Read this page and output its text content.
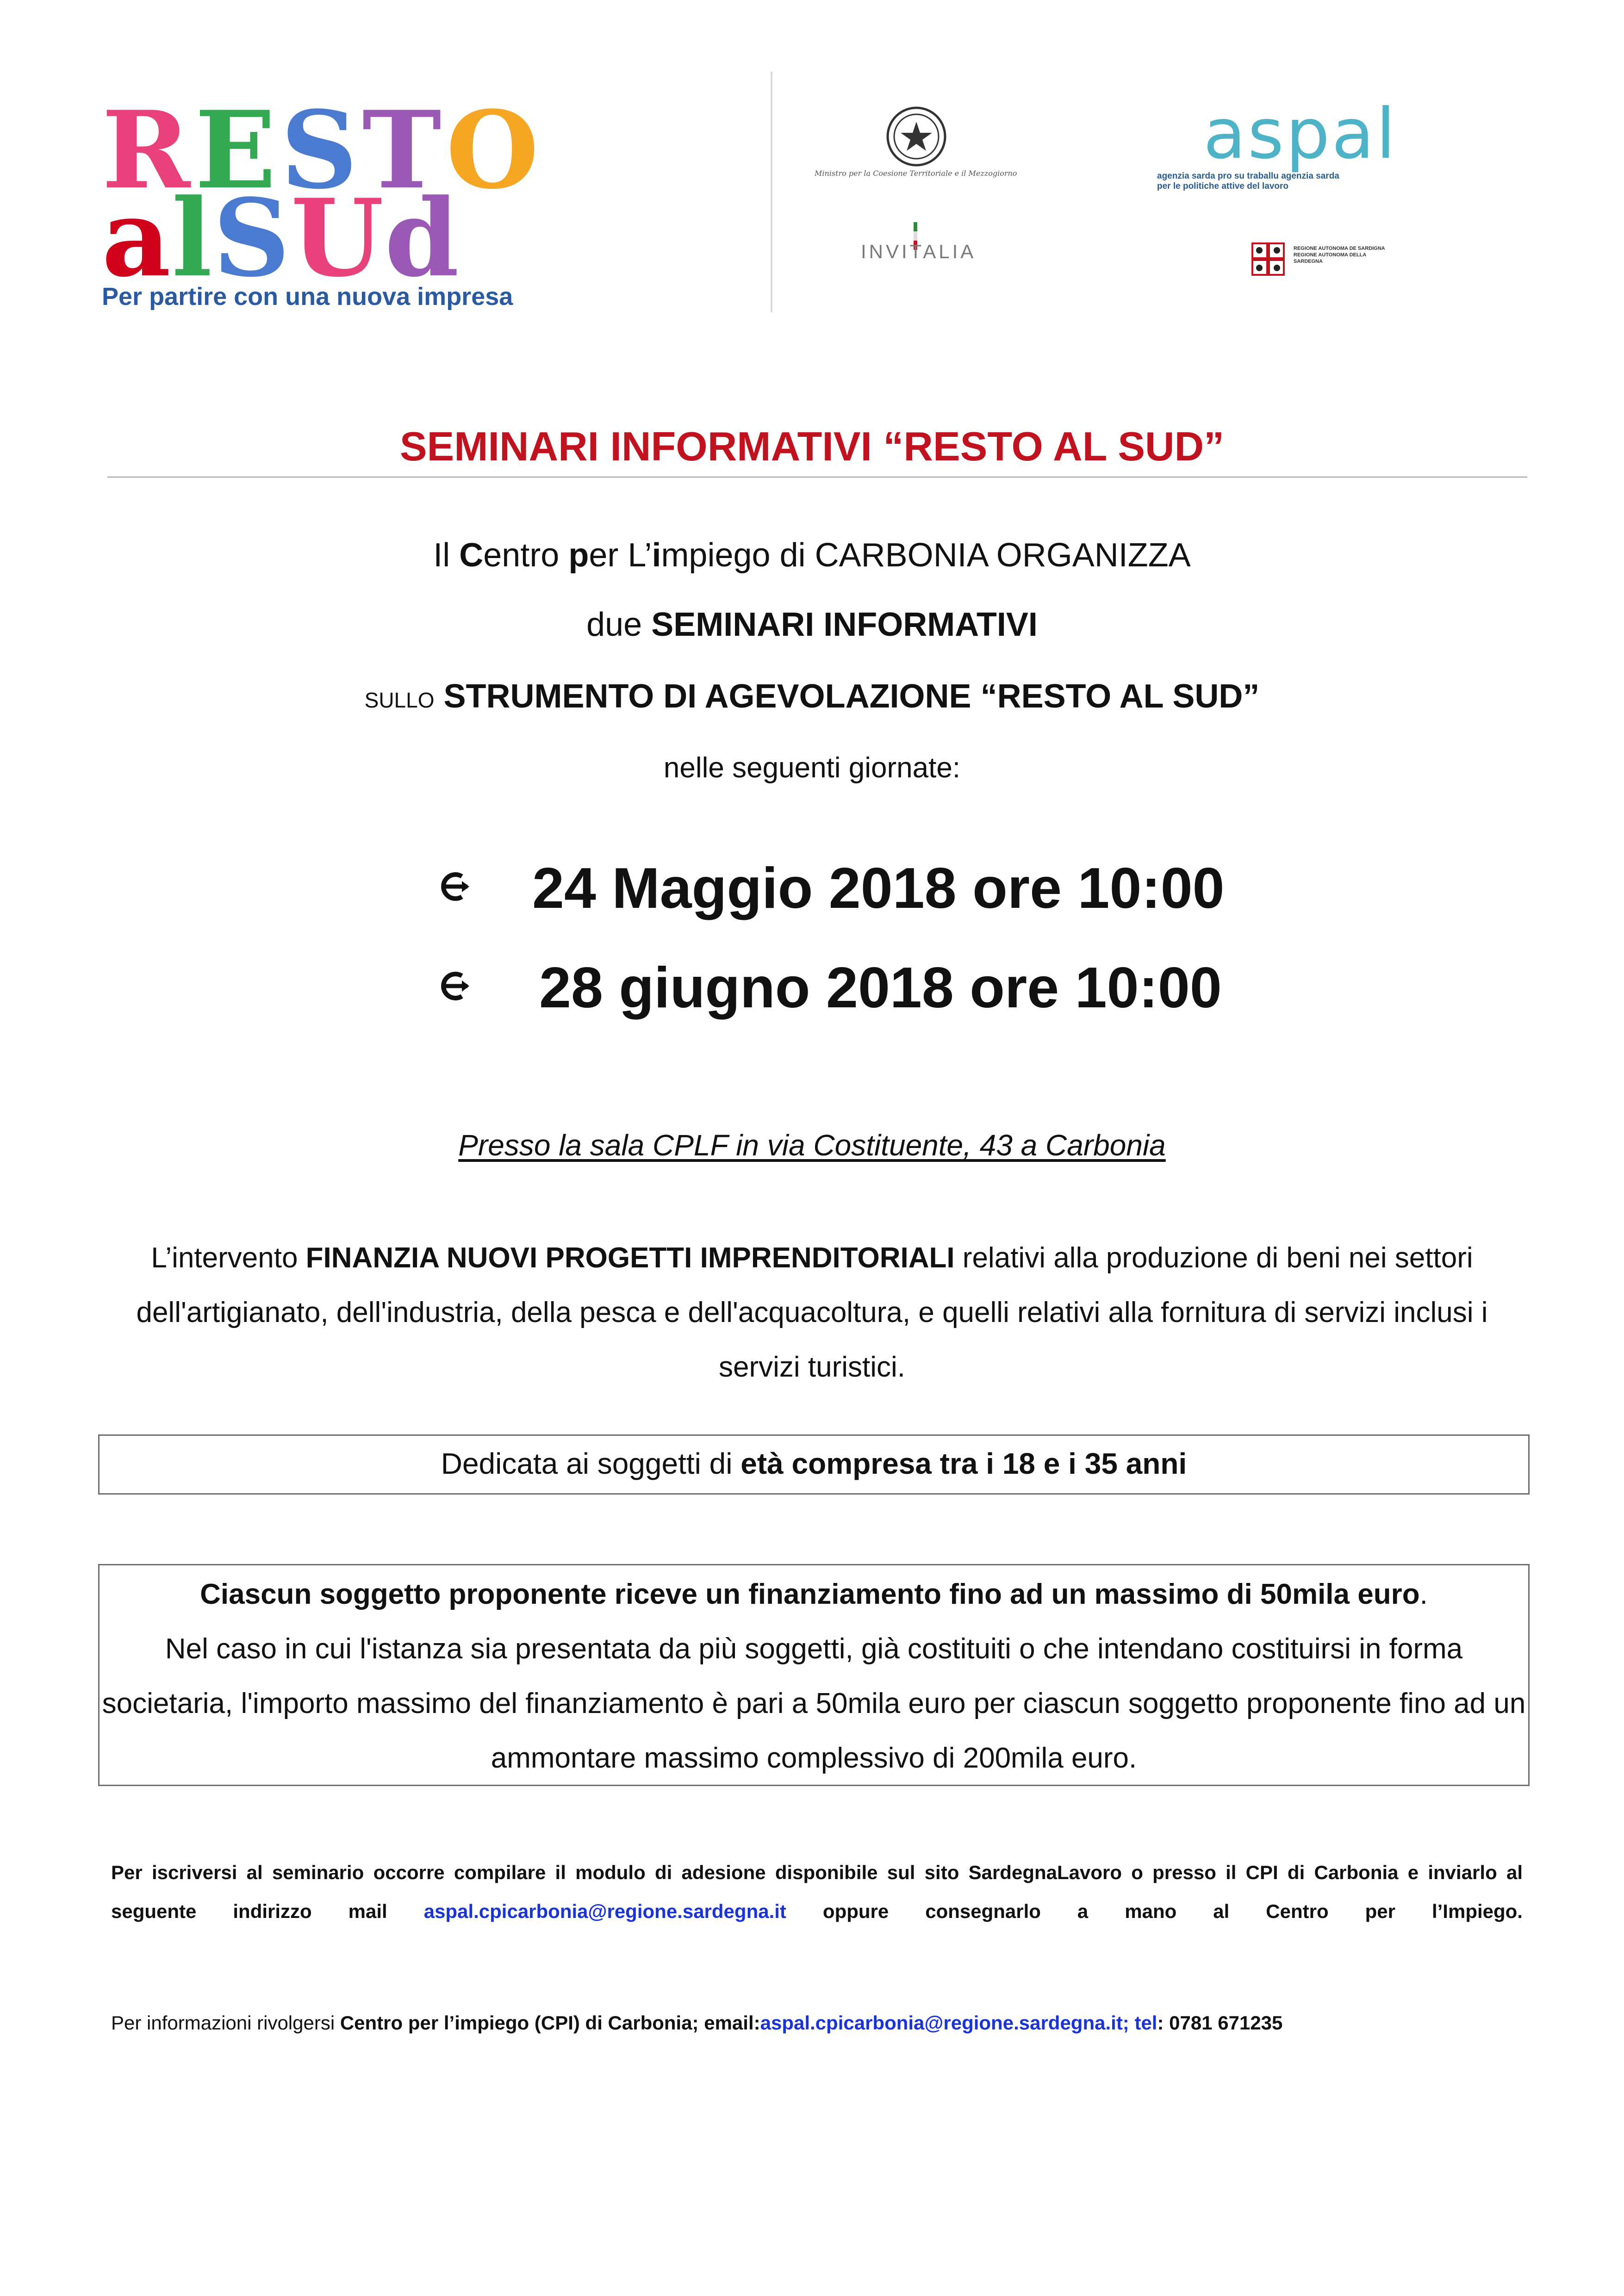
RESTO
alSUd
Per partire con una nuova impresa
Ministro per la Coesione Territoriale e il Mezzogiorno
INVITALIA
aspal
agenzia sarda pro su traballu agenzia sarda per le politiche attive del lavoro
REGIONE AUTONOMA DE SARDIGNA REGIONE AUTONOMA DELLA SARDEGNA
SEMINARI INFORMATIVI “RESTO AL SUD”
Il Centro per L’impiego di CARBONIA ORGANIZZA
due SEMINARI INFORMATIVI
SULLO STRUMENTO DI AGEVOLAZIONE “RESTO AL SUD”
nelle seguenti giornate:
24 Maggio 2018 ore 10:00
28 giugno 2018 ore 10:00
Presso la sala CPLF in via Costituente, 43 a Carbonia
L’intervento FINANZIA NUOVI PROGETTI IMPRENDITORIALI relativi alla produzione di beni nei settori dell'artigianato, dell'industria, della pesca e dell'acquacoltura, e quelli relativi alla fornitura di servizi inclusi i servizi turistici.
Dedicata ai soggetti di età compresa tra i 18 e i 35 anni
Ciascun soggetto proponente riceve un finanziamento fino ad un massimo di 50mila euro.
Nel caso in cui l'istanza sia presentata da più soggetti, già costituiti o che intendano costituirsi in forma societaria, l'importo massimo del finanziamento è pari a 50mila euro per ciascun soggetto proponente fino ad un ammontare massimo complessivo di 200mila euro.
Per iscriversi al seminario occorre compilare il modulo di adesione disponibile sul sito SardegnaLavoro o presso il CPI di Carbonia e inviarlo al seguente indirizzo mail aspal.cpicarbonia@regione.sardegna.it oppure consegnarlo a mano al Centro per l’Impiego.
Per informazioni rivolgersi Centro per l’impiego (CPI) di Carbonia; email:aspal.cpicarbonia@regione.sardegna.it; tel: 0781 671235
